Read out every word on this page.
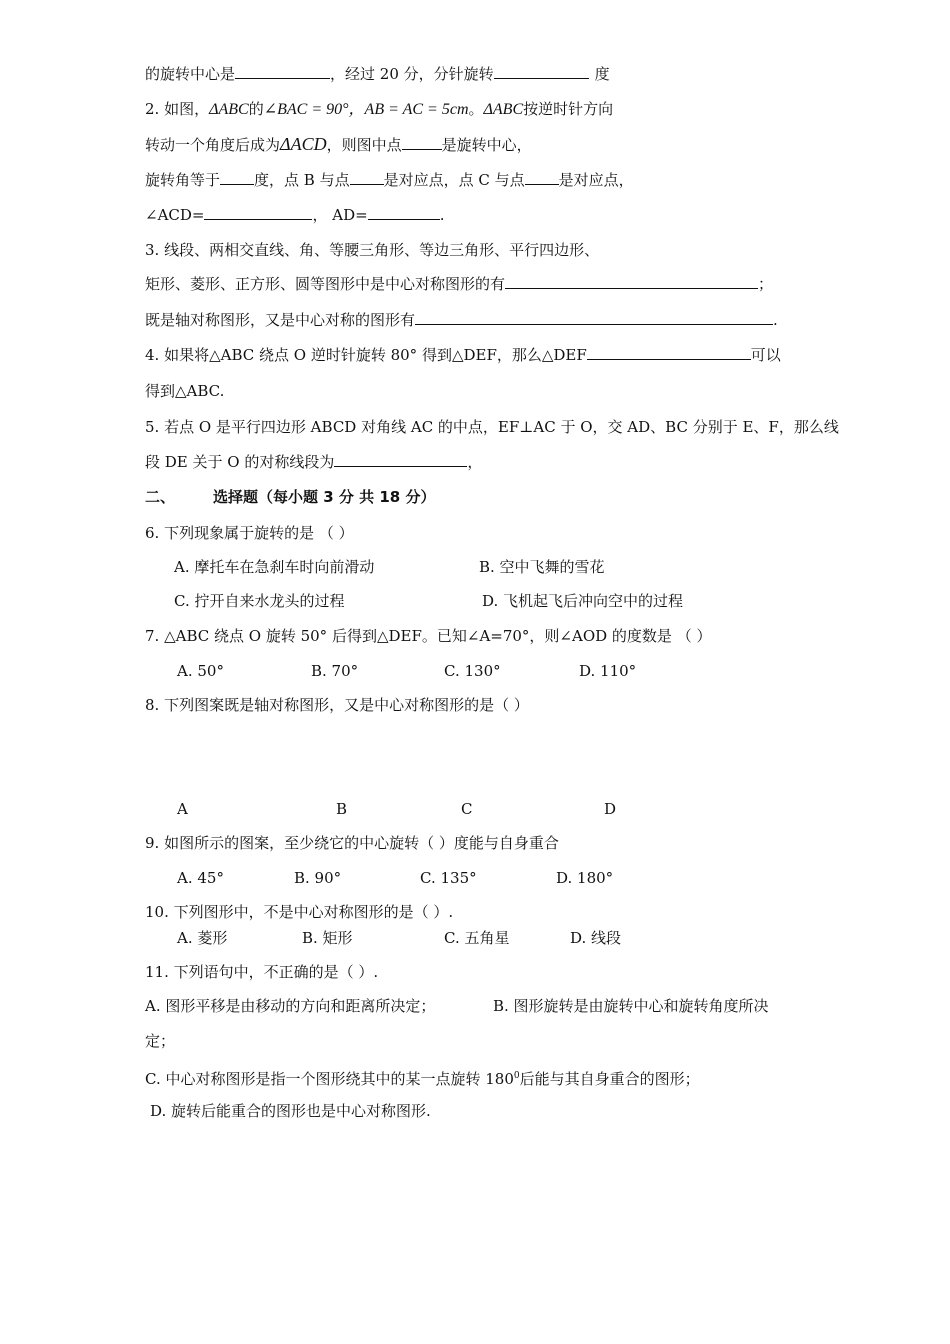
的旋转中心是	，经过 20 分，分针旋转	度
2. 如图，ΔABC的∠BAC = 90°，AB = AC = 5cm。ΔABC按逆时针方向
转动一个角度后成为ΔACD，则图中点	是旋转中心，
旋转角等于 度，点 B 与点 是对应点，点 C 与点 是对应点，
∠ACD=	， AD=	.
3. 线段、两相交直线、角、等腰三角形、等边三角形、平行四边形、
矩形、菱形、正方形、圆等图形中是中心对称图形的有	；
既是轴对称图形，又是中心对称的图形有	.
4. 如果将△ABC 绕点 O 逆时针旋转 80° 得到△DEF，那么△DEF	可以
得到△ABC.
5. 若点 O 是平行四边形 ABCD 对角线 AC 的中点，EF⊥AC 于 O，交 AD、BC 分别于 E、F，那么线
段 DE 关于 O 的对称线段为	，
二、	选择题（每小题 3 分 共 18 分）
6. 下列现象属于旋转的是 （ ）
A. 摩托车在急刹车时向前滑动	B. 空中飞舞的雪花
C. 拧开自来水龙头的过程	D. 飞机起飞后冲向空中的过程
7. △ABC 绕点 O 旋转 50° 后得到△DEF。已知∠A=70°，则∠AOD 的度数是 （ ）
A. 50°	B. 70°	C. 130°	D. 110°
8. 下列图案既是轴对称图形，又是中心对称图形的是（ ）
A	B	C	D
9. 如图所示的图案，至少绕它的中心旋转（ ）度能与自身重合
A. 45°	B. 90°	C. 135°	D. 180°
10. 下列图形中，不是中心对称图形的是（ ）.
A. 菱形	B. 矩形	C. 五角星	D. 线段
11. 下列语句中，不正确的是（ ）.
A. 图形平移是由移动的方向和距离所决定；	B. 图形旋转是由旋转中心和旋转角度所决
定；
C. 中心对称图形是指一个图形绕其中的某一点旋转 $180^0$后能与其自身重合的图形；
D. 旋转后能重合的图形也是中心对称图形.
